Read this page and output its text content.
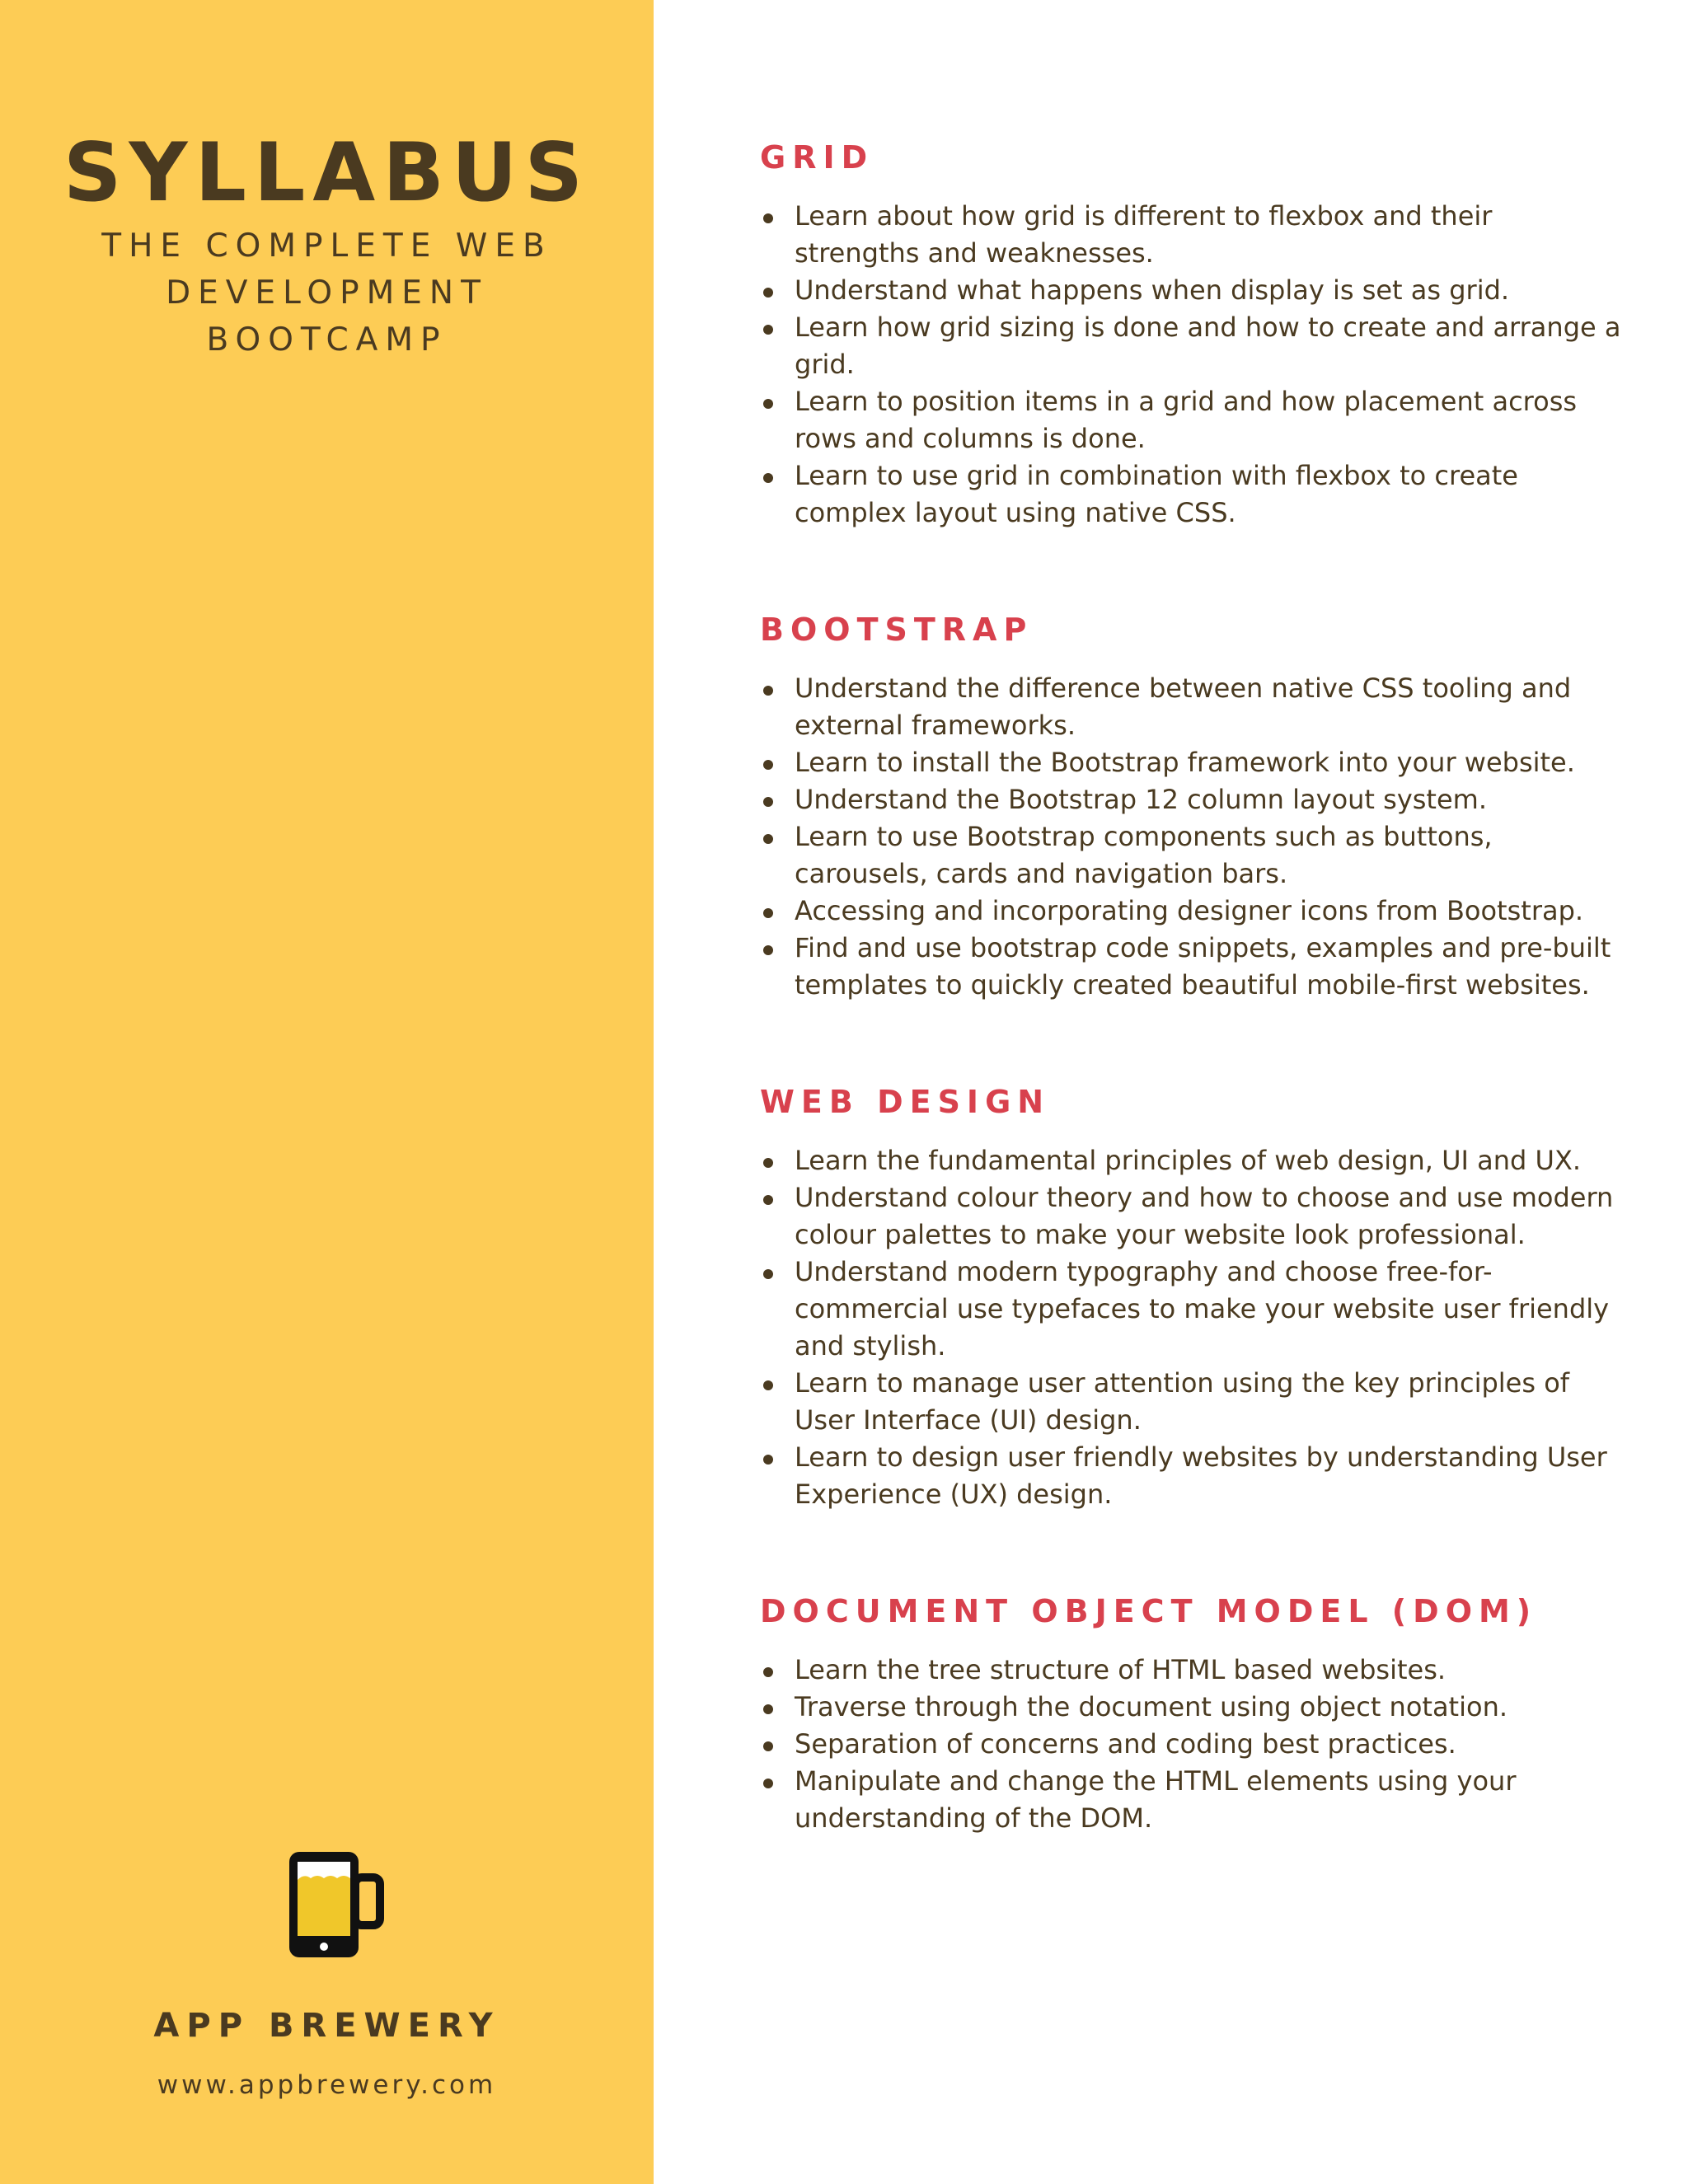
SYLLABUS
THE COMPLETE WEB DEVELOPMENT BOOTCAMP
APP BREWERY
www.appbrewery.com
GRID
Learn about how grid is different to flexbox and their strengths and weaknesses.
Understand what happens when display is set as grid.
Learn how grid sizing is done and how to create and arrange a grid.
Learn to position items in a grid and how placement across rows and columns is done.
Learn to use grid in combination with flexbox to create complex layout using native CSS.
BOOTSTRAP
Understand the difference between native CSS tooling and external frameworks.
Learn to install the Bootstrap framework into your website.
Understand the Bootstrap 12 column layout system.
Learn to use Bootstrap components such as buttons, carousels, cards and navigation bars.
Accessing and incorporating designer icons from Bootstrap.
Find and use bootstrap code snippets, examples and pre-built templates to quickly created beautiful mobile-first websites.
WEB DESIGN
Learn the fundamental principles of web design, UI and UX.
Understand colour theory and how to choose and use modern colour palettes to make your website look professional.
Understand modern typography and choose free-for-commercial use typefaces to make your website user friendly and stylish.
Learn to manage user attention using the key principles of User Interface (UI) design.
Learn to design user friendly websites by understanding User Experience (UX) design.
DOCUMENT OBJECT MODEL (DOM)
Learn the tree structure of HTML based websites.
Traverse through the document using object notation.
Separation of concerns and coding best practices.
Manipulate and change the HTML elements using your understanding of the DOM.
